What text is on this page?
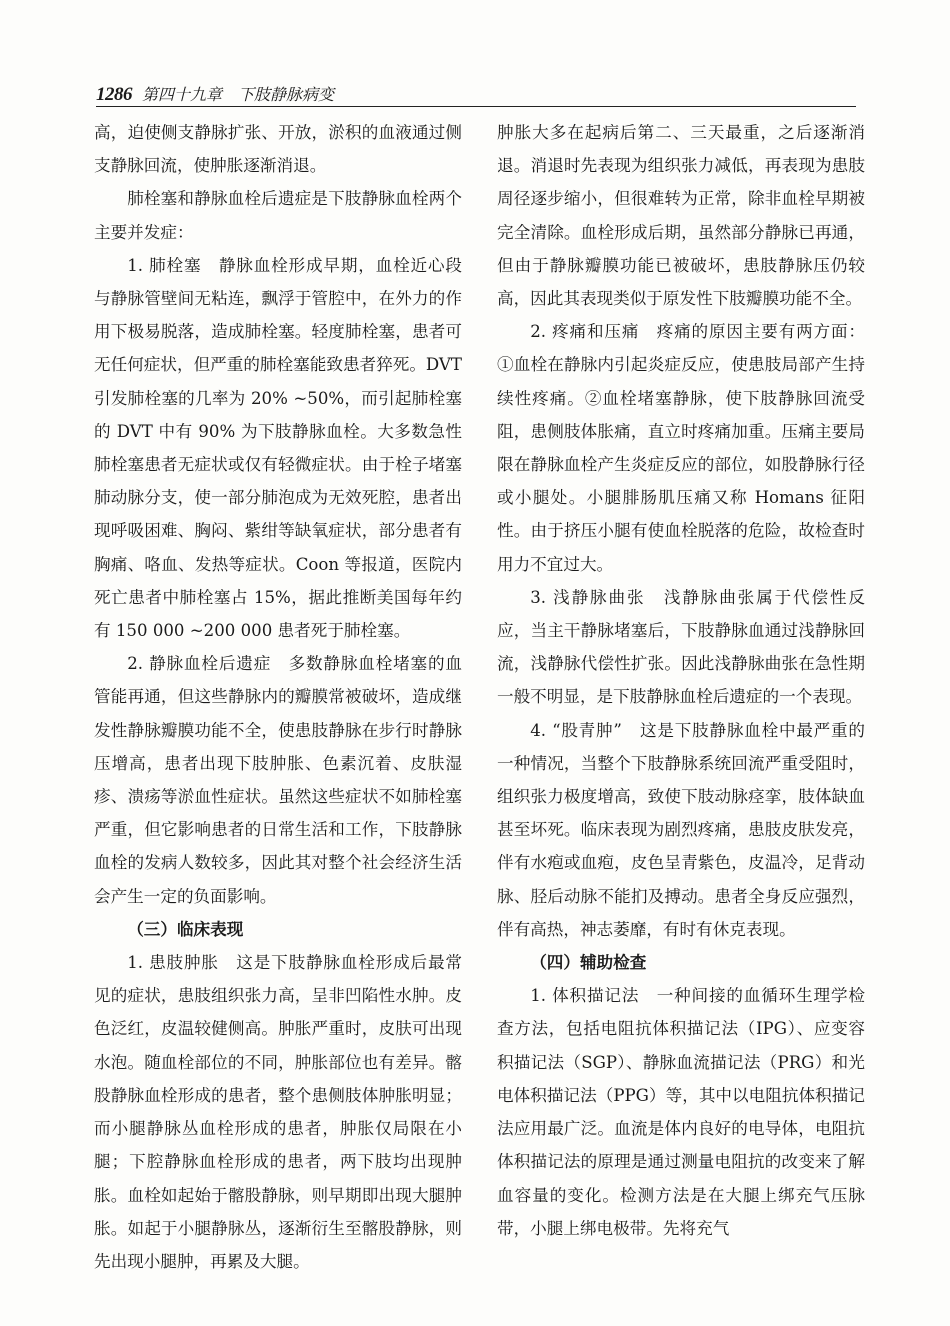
1286 第四十九章　下肢静脉病变

高，迫使侧支静脉扩张、开放，淤积的血液通过侧支静脉回流，使肿胀逐渐消退。

肺栓塞和静脉血栓后遗症是下肢静脉血栓两个主要并发症：

1. 肺栓塞　静脉血栓形成早期，血栓近心段与静脉管壁间无粘连，飘浮于管腔中，在外力的作用下极易脱落，造成肺栓塞。轻度肺栓塞，患者可无任何症状，但严重的肺栓塞能致患者猝死。DVT 引发肺栓塞的几率为 20% ~50%，而引起肺栓塞的 DVT 中有 90% 为下肢静脉血栓。大多数急性肺栓塞患者无症状或仅有轻微症状。由于栓子堵塞肺动脉分支，使一部分肺泡成为无效死腔，患者出现呼吸困难、胸闷、紫绀等缺氧症状，部分患者有胸痛、咯血、发热等症状。Coon 等报道，医院内死亡患者中肺栓塞占 15%，据此推断美国每年约有 150 000 ~200 000 患者死于肺栓塞。

2. 静脉血栓后遗症　多数静脉血栓堵塞的血管能再通，但这些静脉内的瓣膜常被破坏，造成继发性静脉瓣膜功能不全，使患肢静脉在步行时静脉压增高，患者出现下肢肿胀、色素沉着、皮肤湿疹、溃疡等淤血性症状。虽然这些症状不如肺栓塞严重，但它影响患者的日常生活和工作，下肢静脉血栓的发病人数较多，因此其对整个社会经济生活会产生一定的负面影响。

（三）临床表现

1. 患肢肿胀　这是下肢静脉血栓形成后最常见的症状，患肢组织张力高，呈非凹陷性水肿。皮色泛红，皮温较健侧高。肿胀严重时，皮肤可出现水泡。随血栓部位的不同，肿胀部位也有差异。髂股静脉血栓形成的患者，整个患侧肢体肿胀明显；而小腿静脉丛血栓形成的患者，肿胀仅局限在小腿；下腔静脉血栓形成的患者，两下肢均出现肿胀。血栓如起始于髂股静脉，则早期即出现大腿肿胀。如起于小腿静脉丛，逐渐衍生至髂股静脉，则先出现小腿肿，再累及大腿。

肿胀大多在起病后第二、三天最重，之后逐渐消退。消退时先表现为组织张力减低，再表现为患肢周径逐步缩小，但很难转为正常，除非血栓早期被完全清除。血栓形成后期，虽然部分静脉已再通，但由于静脉瓣膜功能已被破坏，患肢静脉压仍较高，因此其表现类似于原发性下肢瓣膜功能不全。

2. 疼痛和压痛　疼痛的原因主要有两方面：①血栓在静脉内引起炎症反应，使患肢局部产生持续性疼痛。②血栓堵塞静脉，使下肢静脉回流受阻，患侧肢体胀痛，直立时疼痛加重。压痛主要局限在静脉血栓产生炎症反应的部位，如股静脉行径或小腿处。小腿腓肠肌压痛又称 Homans 征阳性。由于挤压小腿有使血栓脱落的危险，故检查时用力不宜过大。

3. 浅静脉曲张　浅静脉曲张属于代偿性反应，当主干静脉堵塞后，下肢静脉血通过浅静脉回流，浅静脉代偿性扩张。因此浅静脉曲张在急性期一般不明显，是下肢静脉血栓后遗症的一个表现。

4. “股青肿”　这是下肢静脉血栓中最严重的一种情况，当整个下肢静脉系统回流严重受阻时，组织张力极度增高，致使下肢动脉痉挛，肢体缺血甚至坏死。临床表现为剧烈疼痛，患肢皮肤发亮，伴有水疱或血疱，皮色呈青紫色，皮温冷，足背动脉、胫后动脉不能扪及搏动。患者全身反应强烈，伴有高热，神志萎靡，有时有休克表现。

（四）辅助检查

1. 体积描记法　一种间接的血循环生理学检查方法，包括电阻抗体积描记法（IPG）、应变容积描记法（SGP）、静脉血流描记法（PRG）和光电体积描记法（PPG）等，其中以电阻抗体积描记法应用最广泛。血流是体内良好的电导体，电阻抗体积描记法的原理是通过测量电阻抗的改变来了解血容量的变化。检测方法是在大腿上绑充气压脉带，小腿上绑电极带。先将充气
